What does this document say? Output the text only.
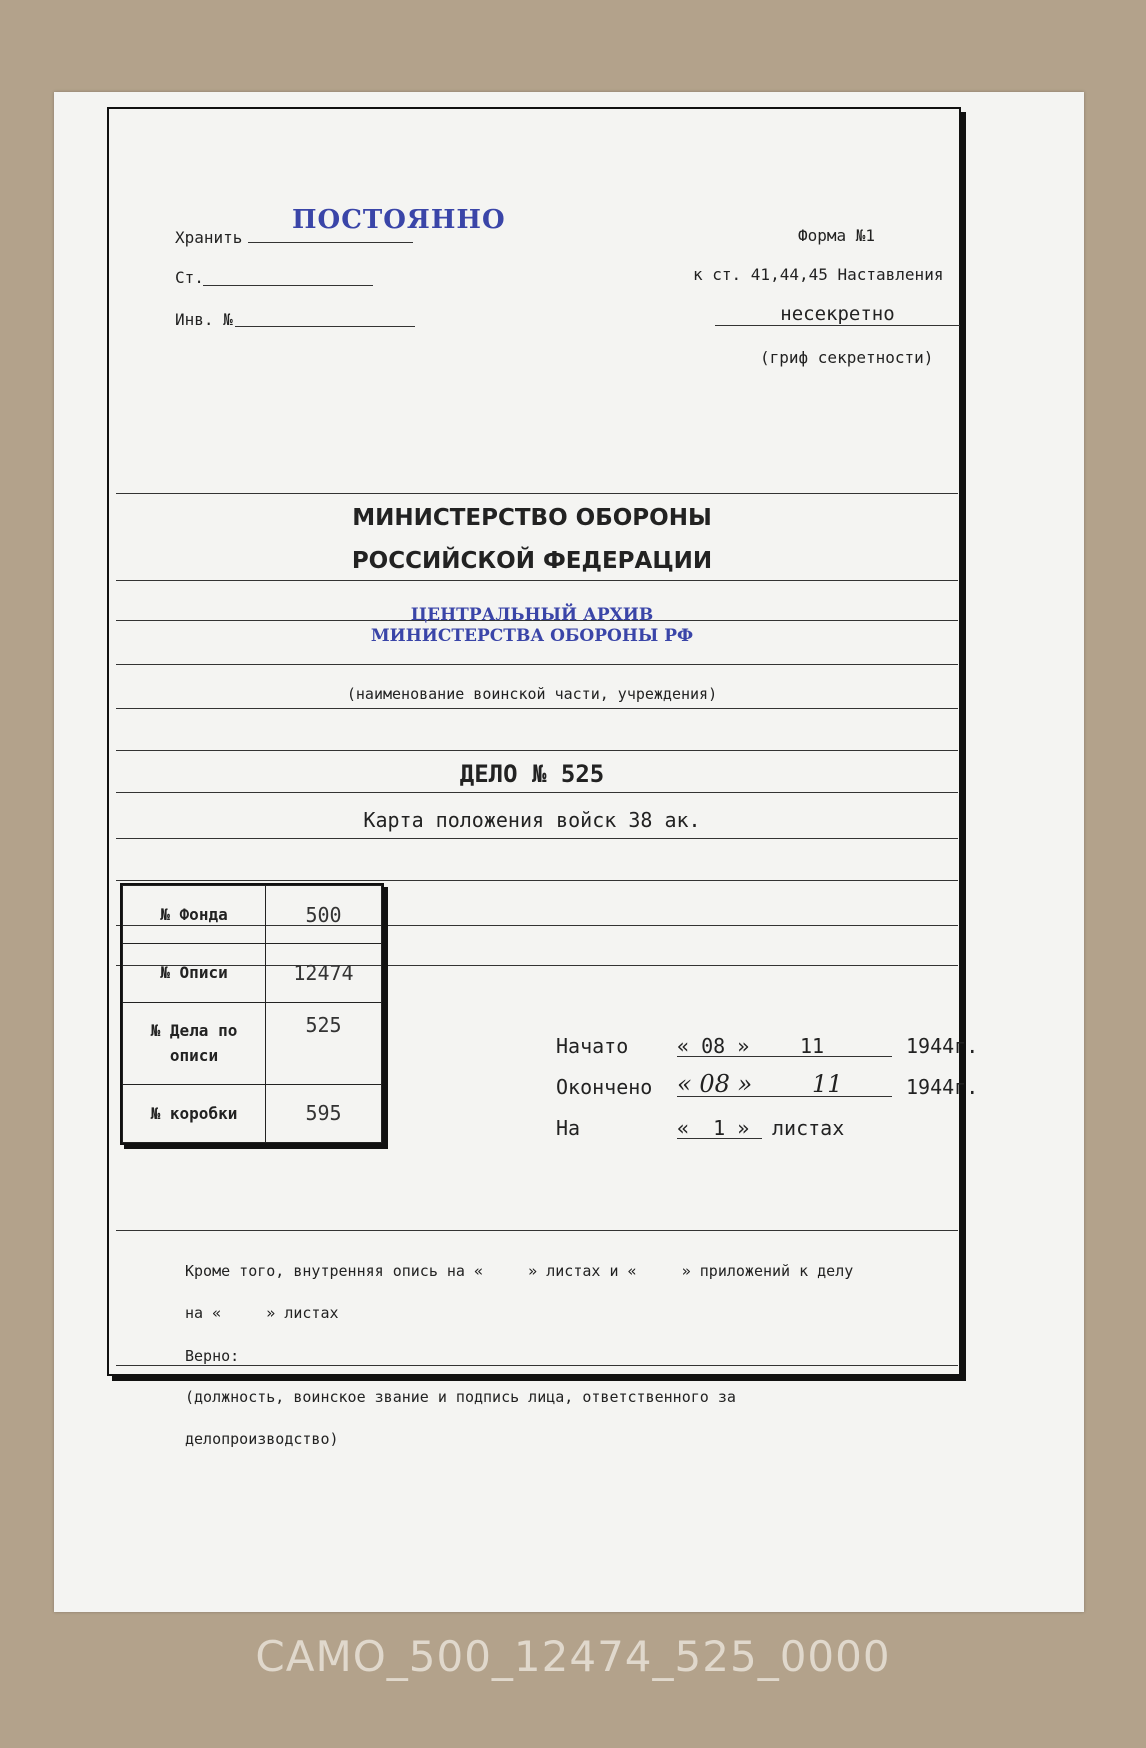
Хранить
ПОСТОЯННО
Ст.
Инв. №
Форма №1
к ст. 41,44,45 Наставления
несекретно
(гриф секретности)
МИНИСТЕРСТВО ОБОРОНЫ
РОССИЙСКОЙ ФЕДЕРАЦИИ
ЦЕНТРАЛЬНЫЙ АРХИВ
МИНИСТЕРСТВА ОБОРОНЫ РФ
(наименование воинской части, учреждения)
ДЕЛО № 525
Карта положения войск 38 ак.
№ Фонда	500
№ Описи	12474
№ Дела по описи	525
№ коробки	595
Начато « 08 »	11	1944г.
Окончено « 08 » 11	1944г.
На	«  1 » листах
Кроме того, внутренняя опись на «     » листах и «     » приложений к делу
на «     » листах
Верно:
(должность, воинское звание и подпись лица, ответственного за
делопроизводство)
CAMO_500_12474_525_0000
